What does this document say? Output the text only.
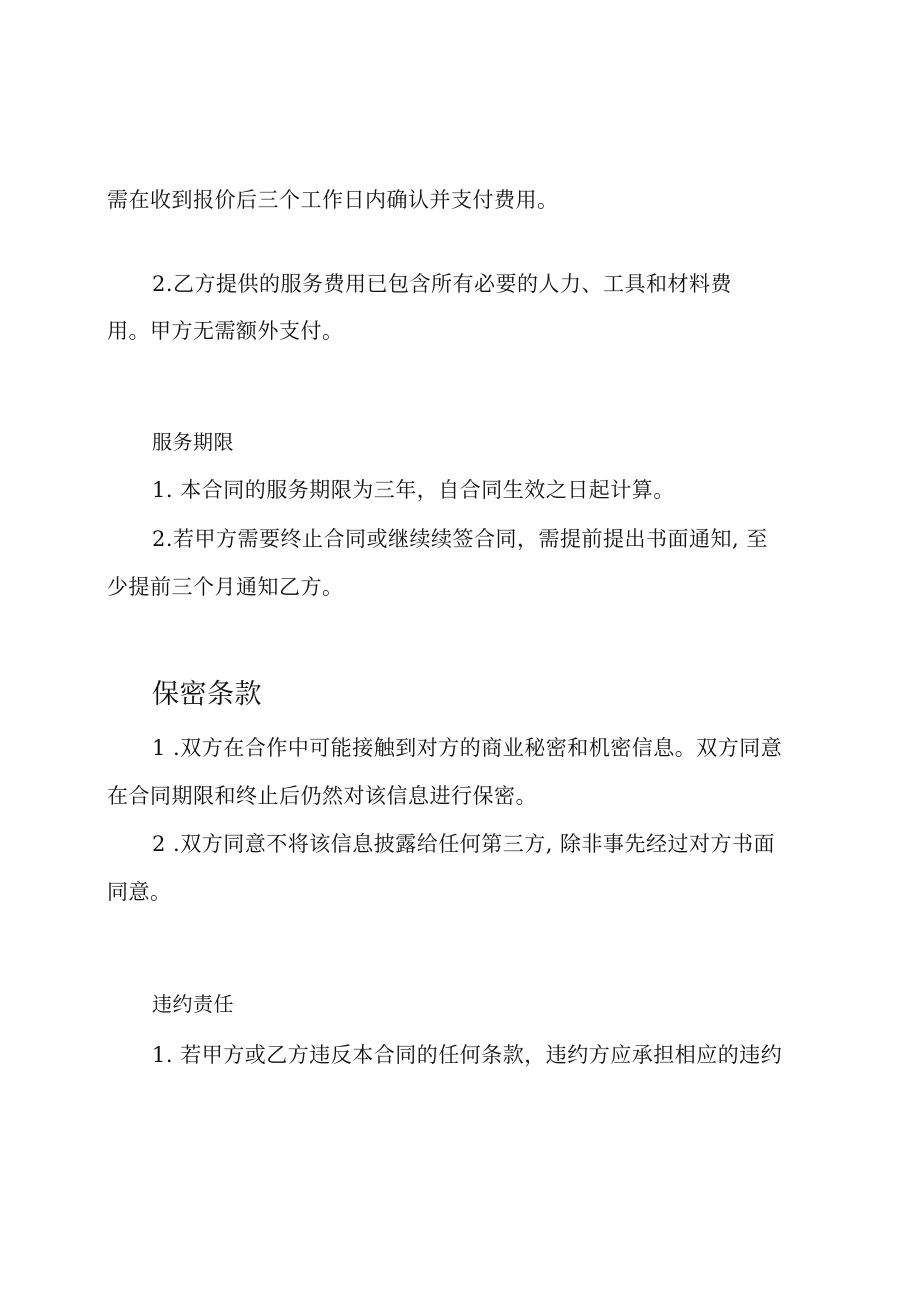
需在收到报价后三个工作日内确认并支付费用。
2.乙方提供的服务费用已包含所有必要的人力、工具和材料费
用。甲方无需额外支付。
服务期限
1. 本合同的服务期限为三年，自合同生效之日起计算。
2.若甲方需要终止合同或继续续签合同，需提前提出书面通知, 至
少提前三个月通知乙方。
保密条款
1 .双方在合作中可能接触到对方的商业秘密和机密信息。双方同意
在合同期限和终止后仍然对该信息进行保密。
2 .双方同意不将该信息披露给任何第三方, 除非事先经过对方书面
同意。
违约责任
1. 若甲方或乙方违反本合同的任何条款，违约方应承担相应的违约
